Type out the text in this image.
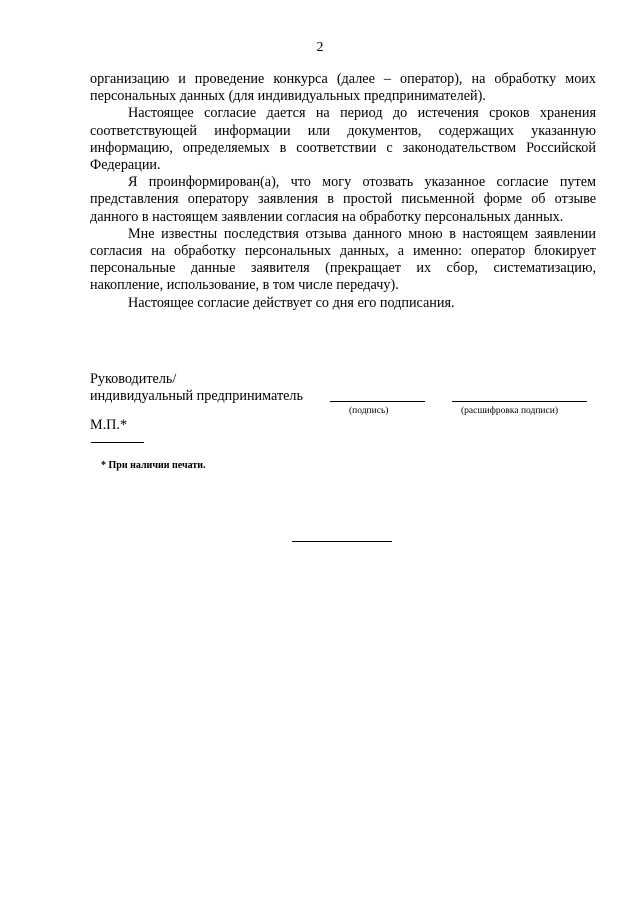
2

организацию и проведение конкурса (далее – оператор), на обработку моих персональных данных (для индивидуальных предпринимателей).

Настоящее согласие дается на период до истечения сроков хранения соответствующей информации или документов, содержащих указанную информацию, определяемых в соответствии с законодательством Российской Федерации.

Я проинформирован(а), что могу отозвать указанное согласие путем представления оператору заявления в простой письменной форме об отзыве данного в настоящем заявлении согласия на обработку персональных данных.

Мне известны последствия отзыва данного мною в настоящем заявлении согласия на обработку персональных данных, а именно: оператор блокирует персональные данные заявителя (прекращает их сбор, систематизацию, накопление, использование, в том числе передачу).

Настоящее согласие действует со дня его подписания.

Руководитель/
индивидуальный предприниматель
(подпись)	(расшифровка подписи)
М.П.*
* При наличии печати.
